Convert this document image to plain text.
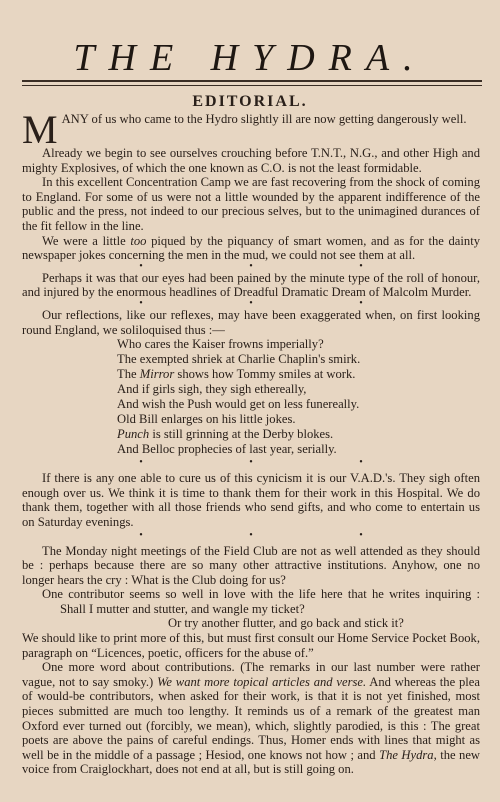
THE HYDRA.
EDITORIAL.

MANY of us who came to the Hydro slightly ill are now getting dangerously well.

Already we begin to see ourselves crouching before T.N.T., N.G., and other High and mighty Explosives, of which the one known as C.O. is not the least formidable.

In this excellent Concentration Camp we are fast recovering from the shock of coming to England. For some of us were not a little wounded by the apparent indifference of the public and the press, not indeed to our precious selves, but to the unimagined durances of the fit fellow in the line.

We were a little too piqued by the piquancy of smart women, and as for the dainty newspaper jokes concerning the men in the mud, we could not see them at all.

• • •

Perhaps it was that our eyes had been pained by the minute type of the roll of honour, and injured by the enormous headlines of Dreadful Dramatic Dream of Malcolm Murder.

• • •

Our reflections, like our reflexes, may have been exaggerated when, on first looking round England, we soliloquised thus :—

Who cares the Kaiser frowns imperially?
The exempted shriek at Charlie Chaplin's smirk.
The Mirror shows how Tommy smiles at work.
And if girls sigh, they sigh ethereally,
And wish the Push would get on less funereally.
Old Bill enlarges on his little jokes.
Punch is still grinning at the Derby blokes.
And Belloc prophecies of last year, serially.
• • •

If there is any one able to cure us of this cynicism it is our V.A.D.'s. They sigh often enough over us. We think it is time to thank them for their work in this Hospital. We do thank them, together with all those friends who send gifts, and who come to entertain us on Saturday evenings.

• • •

The Monday night meetings of the Field Club are not as well attended as they should be : perhaps because there are so many other attractive institutions. Anyhow, one no longer hears the cry : What is the Club doing for us?

One contributor seems so well in love with the life here that he writes inquiring : Shall I mutter and stutter, and wangle my ticket?

Or try another flutter, and go back and stick it?

We should like to print more of this, but must first consult our Home Service Pocket Book, paragraph on “Licences, poetic, officers for the abuse of.”

One more word about contributions. (The remarks in our last number were rather vague, not to say smoky.) We want more topical articles and verse. And whereas the plea of would-be contributors, when asked for their work, is that it is not yet finished, most pieces submitted are much too lengthy. It reminds us of a remark of the greatest man Oxford ever turned out (forcibly, we mean), which, slightly parodied, is this : The great poets are above the pains of careful endings. Thus, Homer ends with lines that might as well be in the middle of a passage ; Hesiod, one knows not how ; and The Hydra, the new voice from Craiglockhart, does not end at all, but is still going on.
